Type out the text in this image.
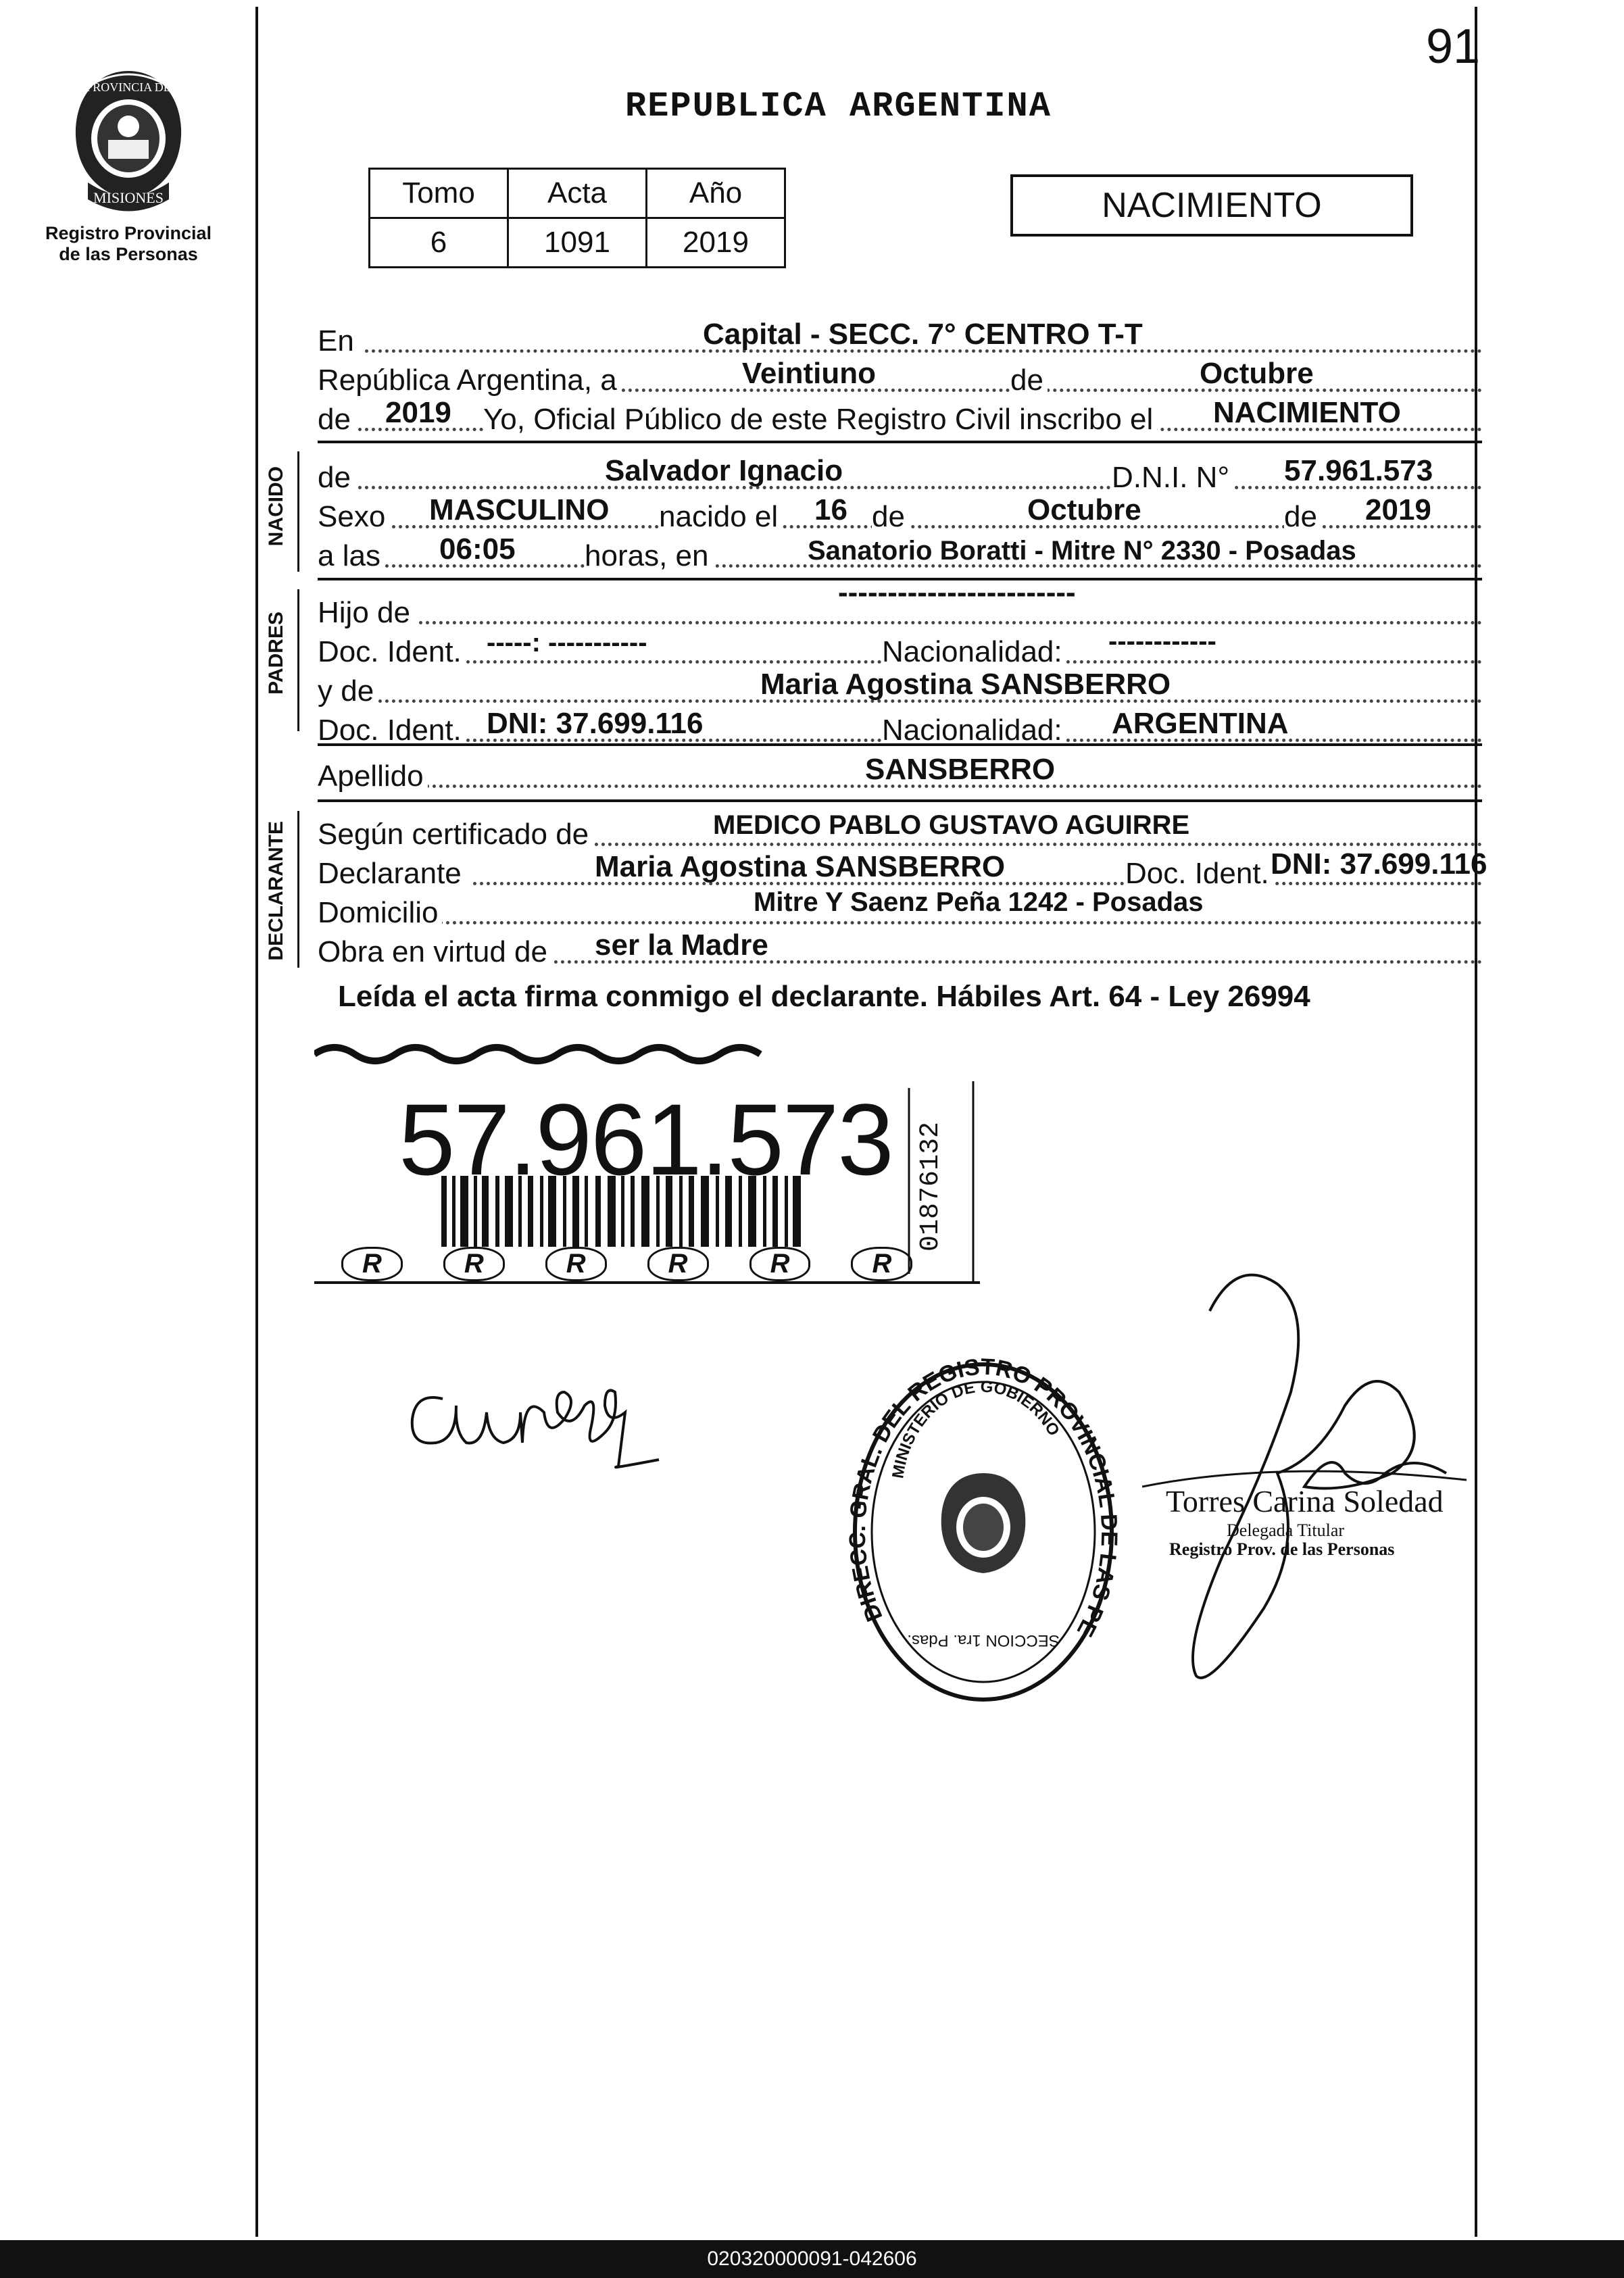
91
PROVINCIA DE
MISIONES
Registro Provincial
de las Personas
REPUBLICA ARGENTINA
Tomo	Acta	Año
6	1091	2019
NACIMIENTO
En	Capital - SECC. 7° CENTRO T-T
República Argentina, a	Veintiuno	de	Octubre
de 2019 Yo, Oficial Público de este Registro Civil inscribo el NACIMIENTO
NACIDO de	Salvador Ignacio	D.N.I. N° 57.961.573
Sexo MASCULINO nacido el 16 de	Octubre	de 2019
a las 06:05 horas, en	Sanatorio Boratti - Mitre N° 2330 - Posadas
PADRES Hijo de
------------------------
Doc. Ident. -----: -----------	Nacionalidad: ------------
y de	Maria Agostina SANSBERRO
Doc. Ident. DNI: 37.699.116	Nacionalidad: ARGENTINA
Apellido	SANSBERRO
DECLARANTE Según certificado de	MEDICO PABLO GUSTAVO AGUIRRE
Declarante	Maria Agostina SANSBERRO	Doc. Ident. DNI: 37.699.116
Domicilio	Mitre Y Saenz Peña 1242 - Posadas
Obra en virtud de ser la Madre
Leída el acta firma conmigo el declarante. Hábiles Art. 64 - Ley 26994
R	R	R	R	R	R
57.961.573 01876132
DIRE RAL. DEL REGISTRO PROVINCIAL LAS PE
MINISTERIO DE GOBIERNO
SECCION 1ra. Pdas.
Torres Carina Soledad
Delegada Titular
Registro Prov. de las Personas
020320000091-042606
